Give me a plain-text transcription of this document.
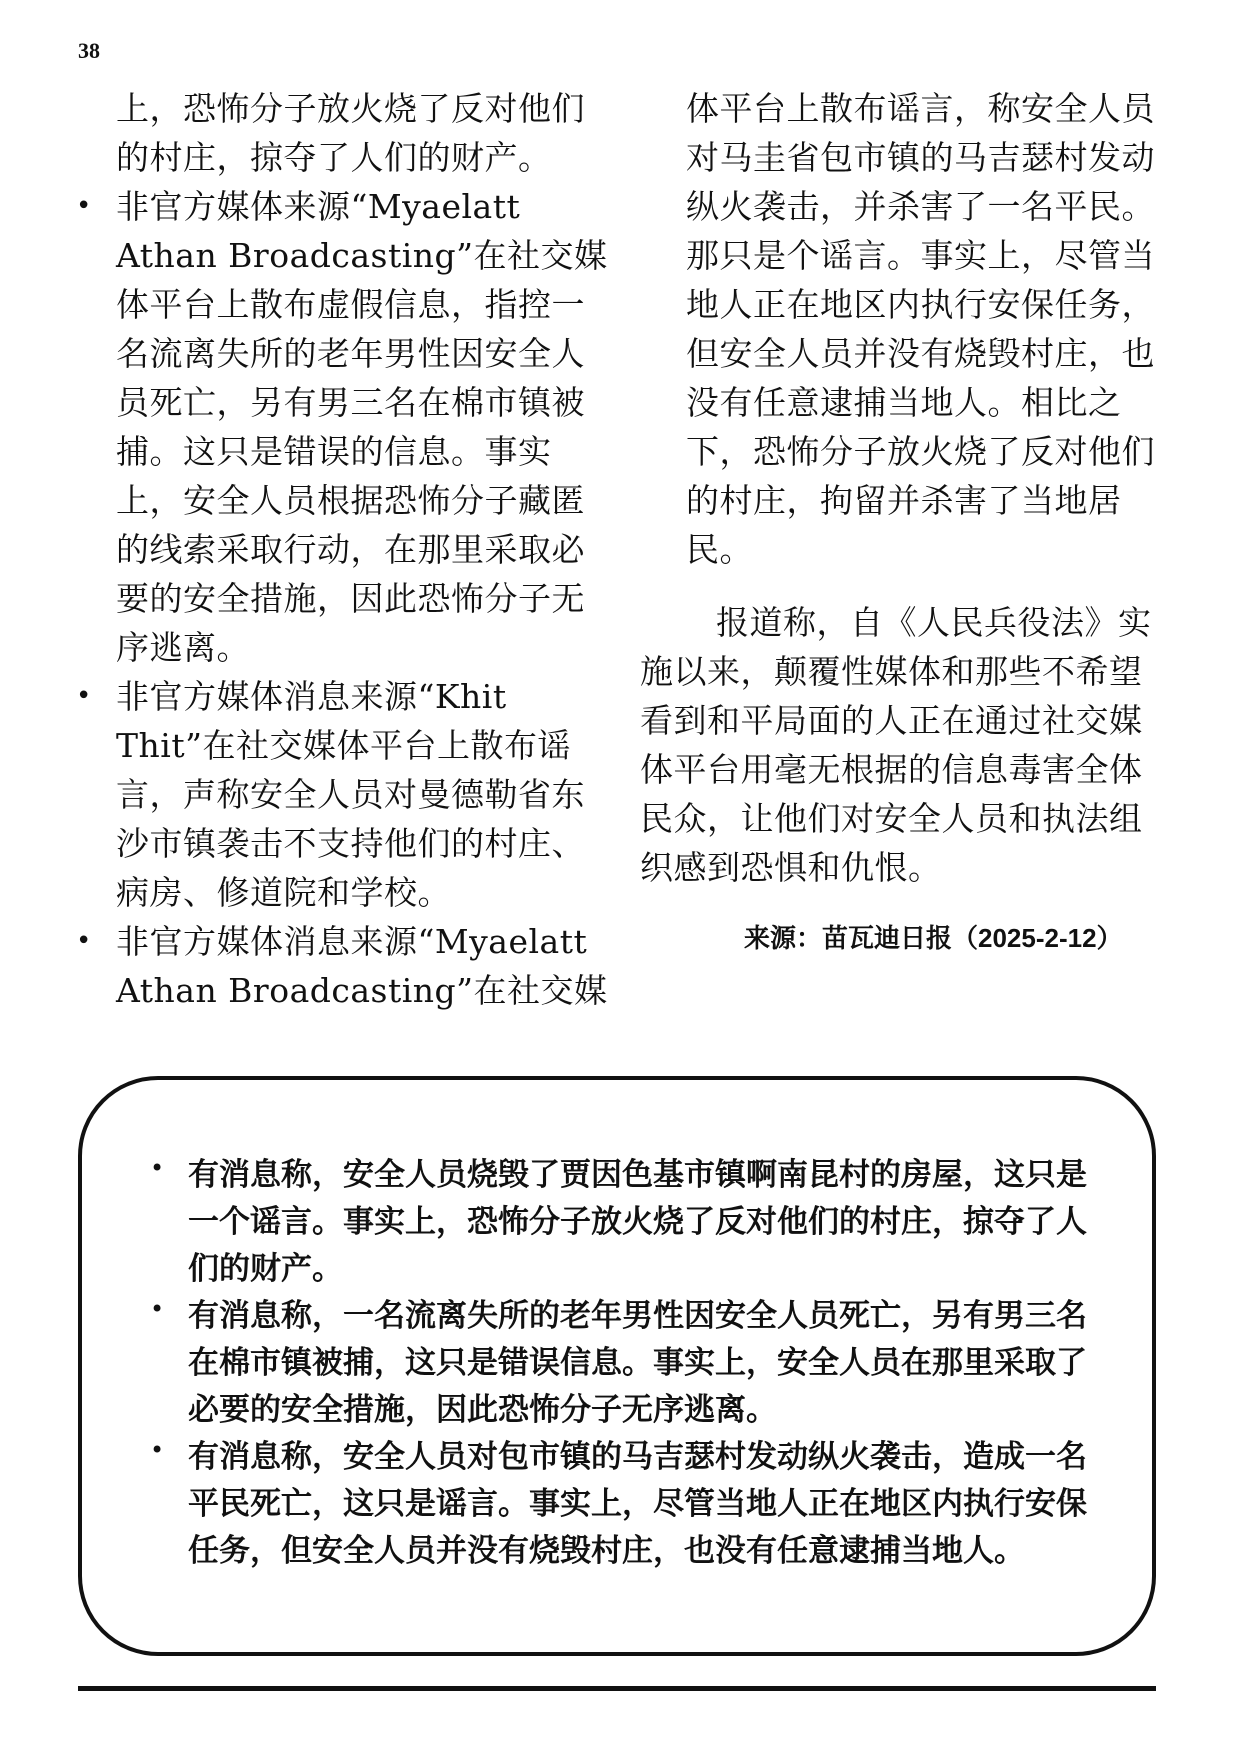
38
上，恐怖分子放火烧了反对他们
的村庄，掠夺了人们的财产。
• 非官方媒体来源“Myaelatt
Athan Broadcasting”在社交媒
体平台上散布虚假信息，指控一
名流离失所的老年男性因安全人
员死亡，另有男三名在棉市镇被
捕。这只是错误的信息。事实
上，安全人员根据恐怖分子藏匿
的线索采取行动，在那里采取必
要的安全措施，因此恐怖分子无
序逃离。
• 非官方媒体消息来源“Khit
Thit”在社交媒体平台上散布谣
言，声称安全人员对曼德勒省东
沙市镇袭击不支持他们的村庄、
病房、修道院和学校。
• 非官方媒体消息来源“Myaelatt
Athan Broadcasting”在社交媒
体平台上散布谣言，称安全人员
对马圭省包市镇的马吉瑟村发动
纵火袭击，并杀害了一名平民。
那只是个谣言。事实上，尽管当
地人正在地区内执行安保任务，
但安全人员并没有烧毁村庄，也
没有任意逮捕当地人。相比之
下，恐怖分子放火烧了反对他们
的村庄，拘留并杀害了当地居
民。
报道称，自《人民兵役法》实
施以来，颠覆性媒体和那些不希望
看到和平局面的人正在通过社交媒
体平台用毫无根据的信息毒害全体
民众，让他们对安全人员和执法组
织感到恐惧和仇恨。
来源：苗瓦迪日报（2025-2-12）
• 有消息称，安全人员烧毁了贾因色基市镇啊南昆村的房屋，这只是
一个谣言。事实上，恐怖分子放火烧了反对他们的村庄，掠夺了人
们的财产。
• 有消息称，一名流离失所的老年男性因安全人员死亡，另有男三名
在棉市镇被捕，这只是错误信息。事实上，安全人员在那里采取了
必要的安全措施，因此恐怖分子无序逃离。
• 有消息称，安全人员对包市镇的马吉瑟村发动纵火袭击，造成一名
平民死亡，这只是谣言。事实上，尽管当地人正在地区内执行安保
任务，但安全人员并没有烧毁村庄，也没有任意逮捕当地人。
